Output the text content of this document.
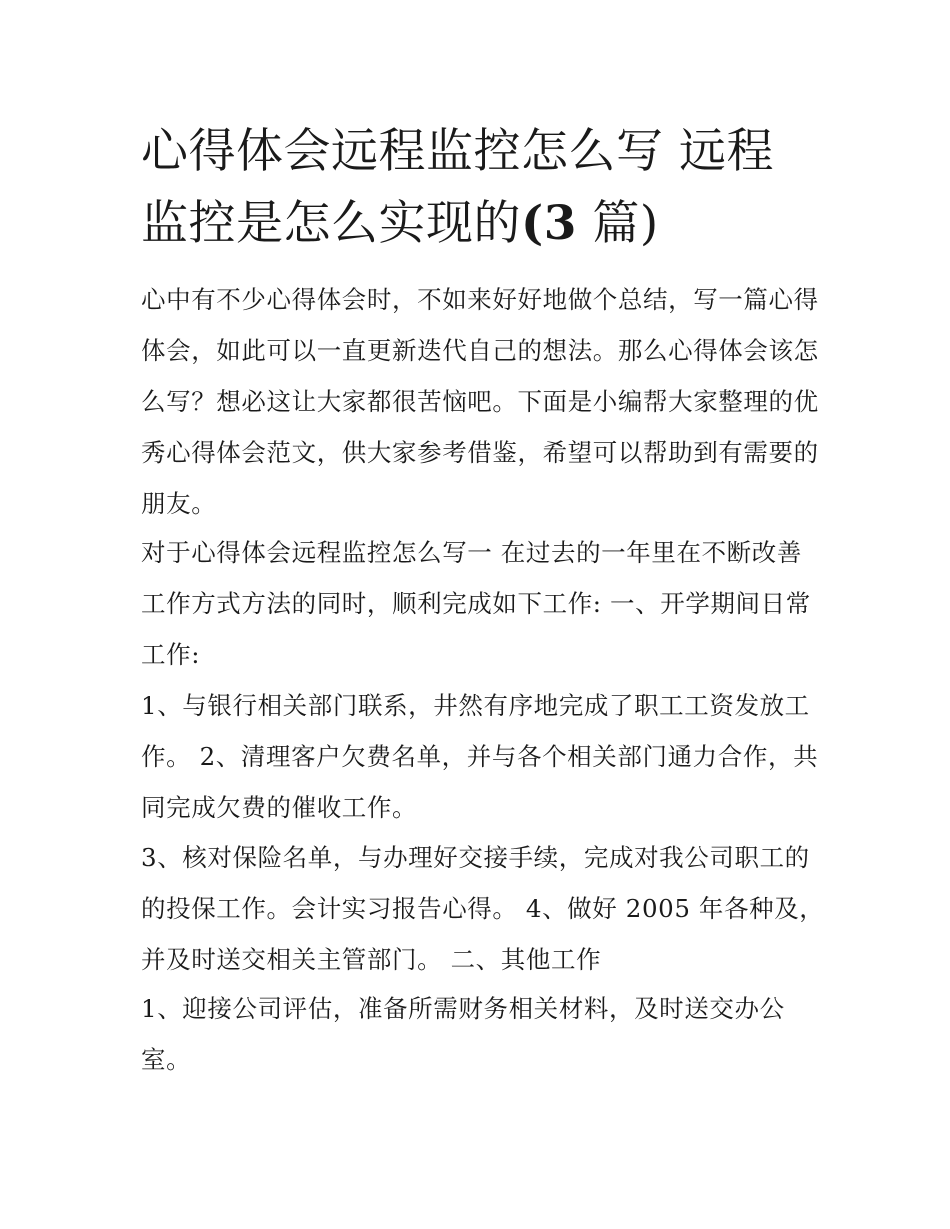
心得体会远程监控怎么写 远程
监控是怎么实现的(3 篇)

心中有不少心得体会时，不如来好好地做个总结，写一篇心得
体会，如此可以一直更新迭代自己的想法。那么心得体会该怎
么写？想必这让大家都很苦恼吧。下面是小编帮大家整理的优
秀心得体会范文，供大家参考借鉴，希望可以帮助到有需要的
朋友。

对于心得体会远程监控怎么写一 在过去的一年里在不断改善
工作方式方法的同时，顺利完成如下工作: 一、开学期间日常
工作:

1、与银行相关部门联系，井然有序地完成了职工工资发放工
作。 2、清理客户欠费名单，并与各个相关部门通力合作，共
同完成欠费的催收工作。

3、核对保险名单，与办理好交接手续，完成对我公司职工的
的投保工作。会计实习报告心得。 4、做好 2005 年各种及，
并及时送交相关主管部门。 二、其他工作

1、迎接公司评估，准备所需财务相关材料，及时送交办公
室。
